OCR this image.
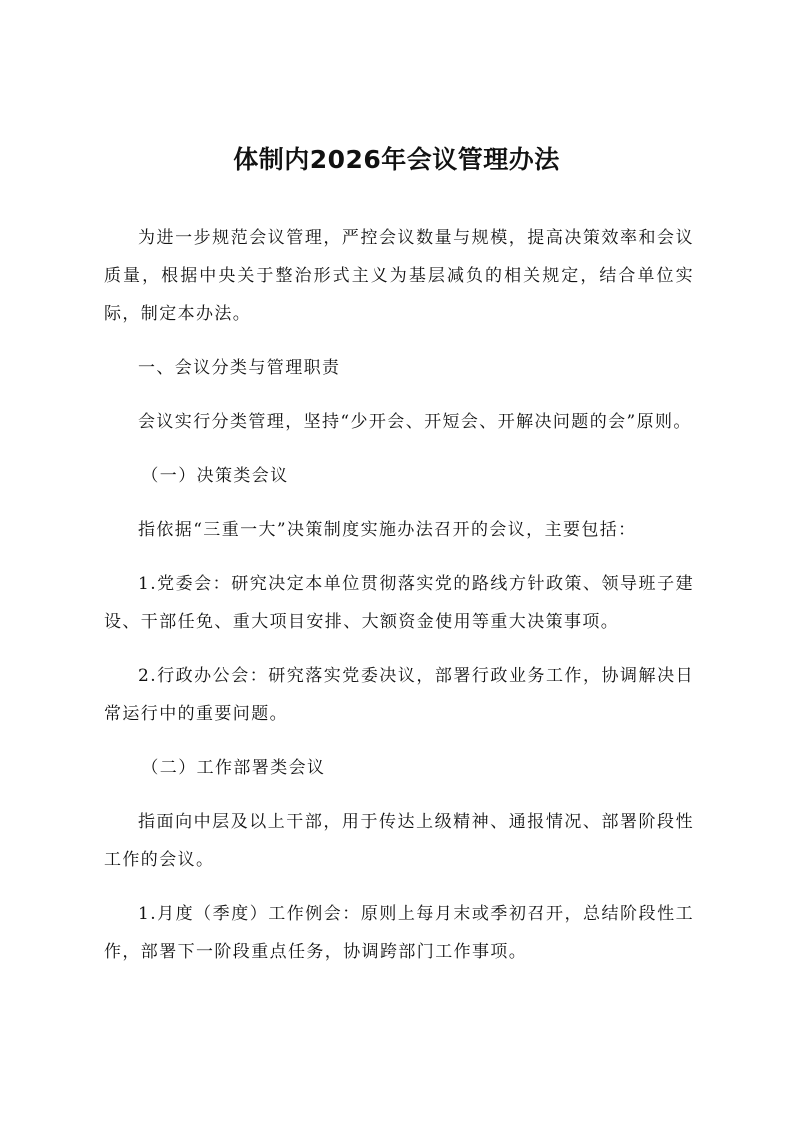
体制内2026年会议管理办法

为进一步规范会议管理，严控会议数量与规模，提高决策效率和会议质量，根据中央关于整治形式主义为基层减负的相关规定，结合单位实际，制定本办法。

一、会议分类与管理职责

会议实行分类管理，坚持“少开会、开短会、开解决问题的会”原则。

（一）决策类会议

指依据“三重一大”决策制度实施办法召开的会议，主要包括：

1.党委会：研究决定本单位贯彻落实党的路线方针政策、领导班子建设、干部任免、重大项目安排、大额资金使用等重大决策事项。

2.行政办公会：研究落实党委决议，部署行政业务工作，协调解决日常运行中的重要问题。

（二）工作部署类会议

指面向中层及以上干部，用于传达上级精神、通报情况、部署阶段性工作的会议。

1.月度（季度）工作例会：原则上每月末或季初召开，总结阶段性工作，部署下一阶段重点任务，协调跨部门工作事项。
